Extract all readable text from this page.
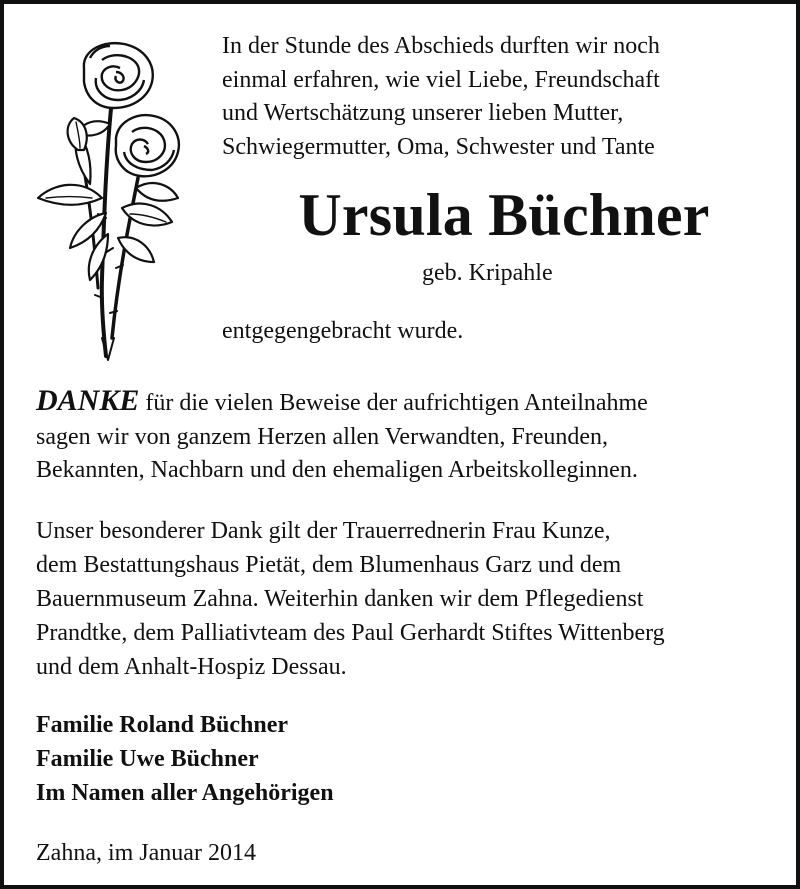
In der Stunde des Abschieds durften wir noch
einmal erfahren, wie viel Liebe, Freundschaft
und Wertschätzung unserer lieben Mutter,
Schwiegermutter, Oma, Schwester und Tante
Ursula Büchner
geb. Kripahle
entgegengebracht wurde.
DANKE für die vielen Beweise der aufrichtigen Anteilnahme
sagen wir von ganzem Herzen allen Verwandten, Freunden,
Bekannten, Nachbarn und den ehemaligen Arbeitskolleginnen.
Unser besonderer Dank gilt der Trauerrednerin Frau Kunze,
dem Bestattungshaus Pietät, dem Blumenhaus Garz und dem
Bauernmuseum Zahna. Weiterhin danken wir dem Pflegedienst
Prandtke, dem Palliativteam des Paul Gerhardt Stiftes Wittenberg
und dem Anhalt-Hospiz Dessau.
Familie Roland Büchner
Familie Uwe Büchner
Im Namen aller Angehörigen
Zahna, im Januar 2014
